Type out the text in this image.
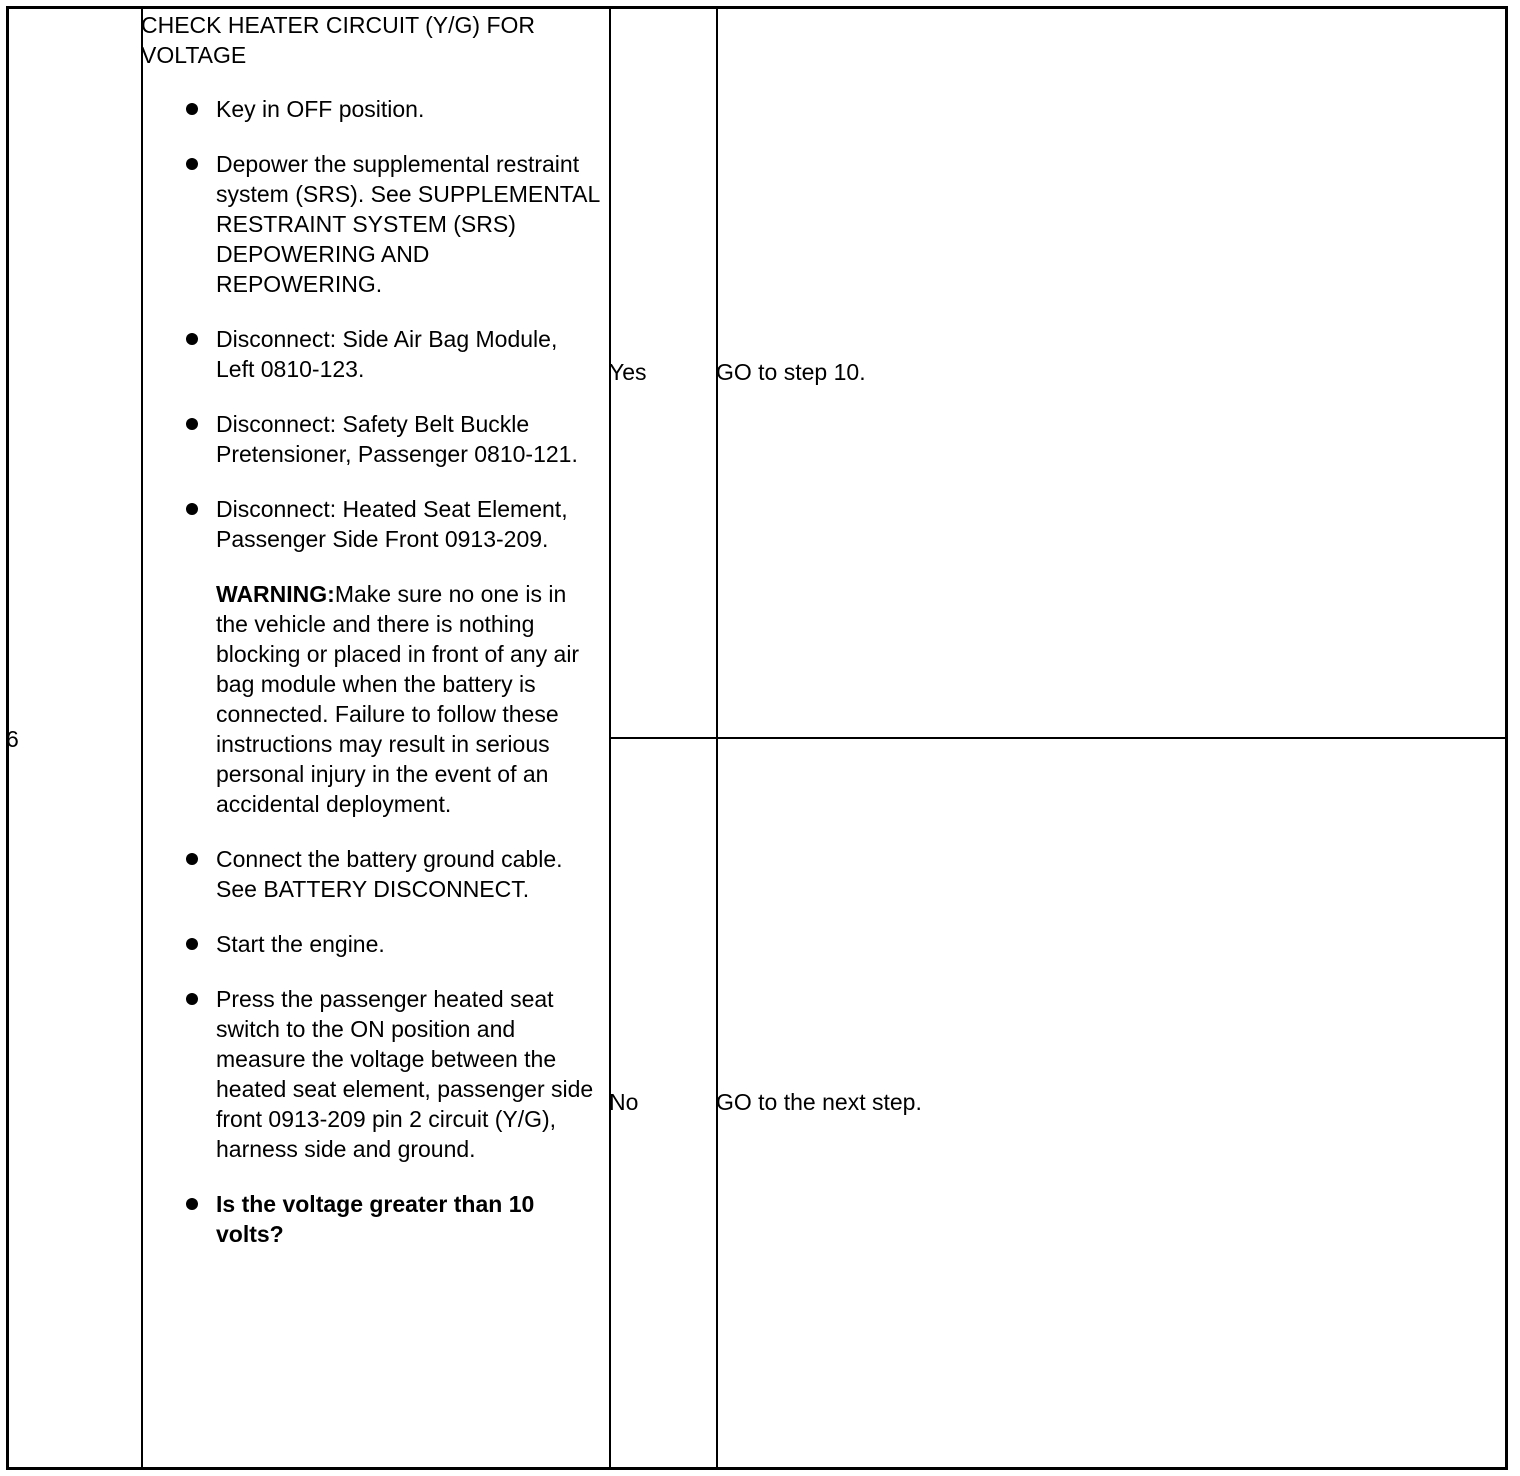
6
CHECK HEATER CIRCUIT (Y/G) FOR VOLTAGE
Key in OFF position.
Depower the supplemental restraint system (SRS). See SUPPLEMENTAL RESTRAINT SYSTEM (SRS) DEPOWERING AND REPOWERING.
Disconnect: Side Air Bag Module, Left 0810-123.
Disconnect: Safety Belt Buckle Pretensioner, Passenger 0810-121.
Disconnect: Heated Seat Element, Passenger Side Front 0913-209.
WARNING:Make sure no one is in the vehicle and there is nothing blocking or placed in front of any air bag module when the battery is connected. Failure to follow these instructions may result in serious personal injury in the event of an accidental deployment.
Connect the battery ground cable. See BATTERY DISCONNECT.
Start the engine.
Press the passenger heated seat switch to the ON position and measure the voltage between the heated seat element, passenger side front 0913-209 pin 2 circuit (Y/G), harness side and ground.
Is the voltage greater than 10 volts?
Yes	GO to step 10.
No	GO to the next step.
